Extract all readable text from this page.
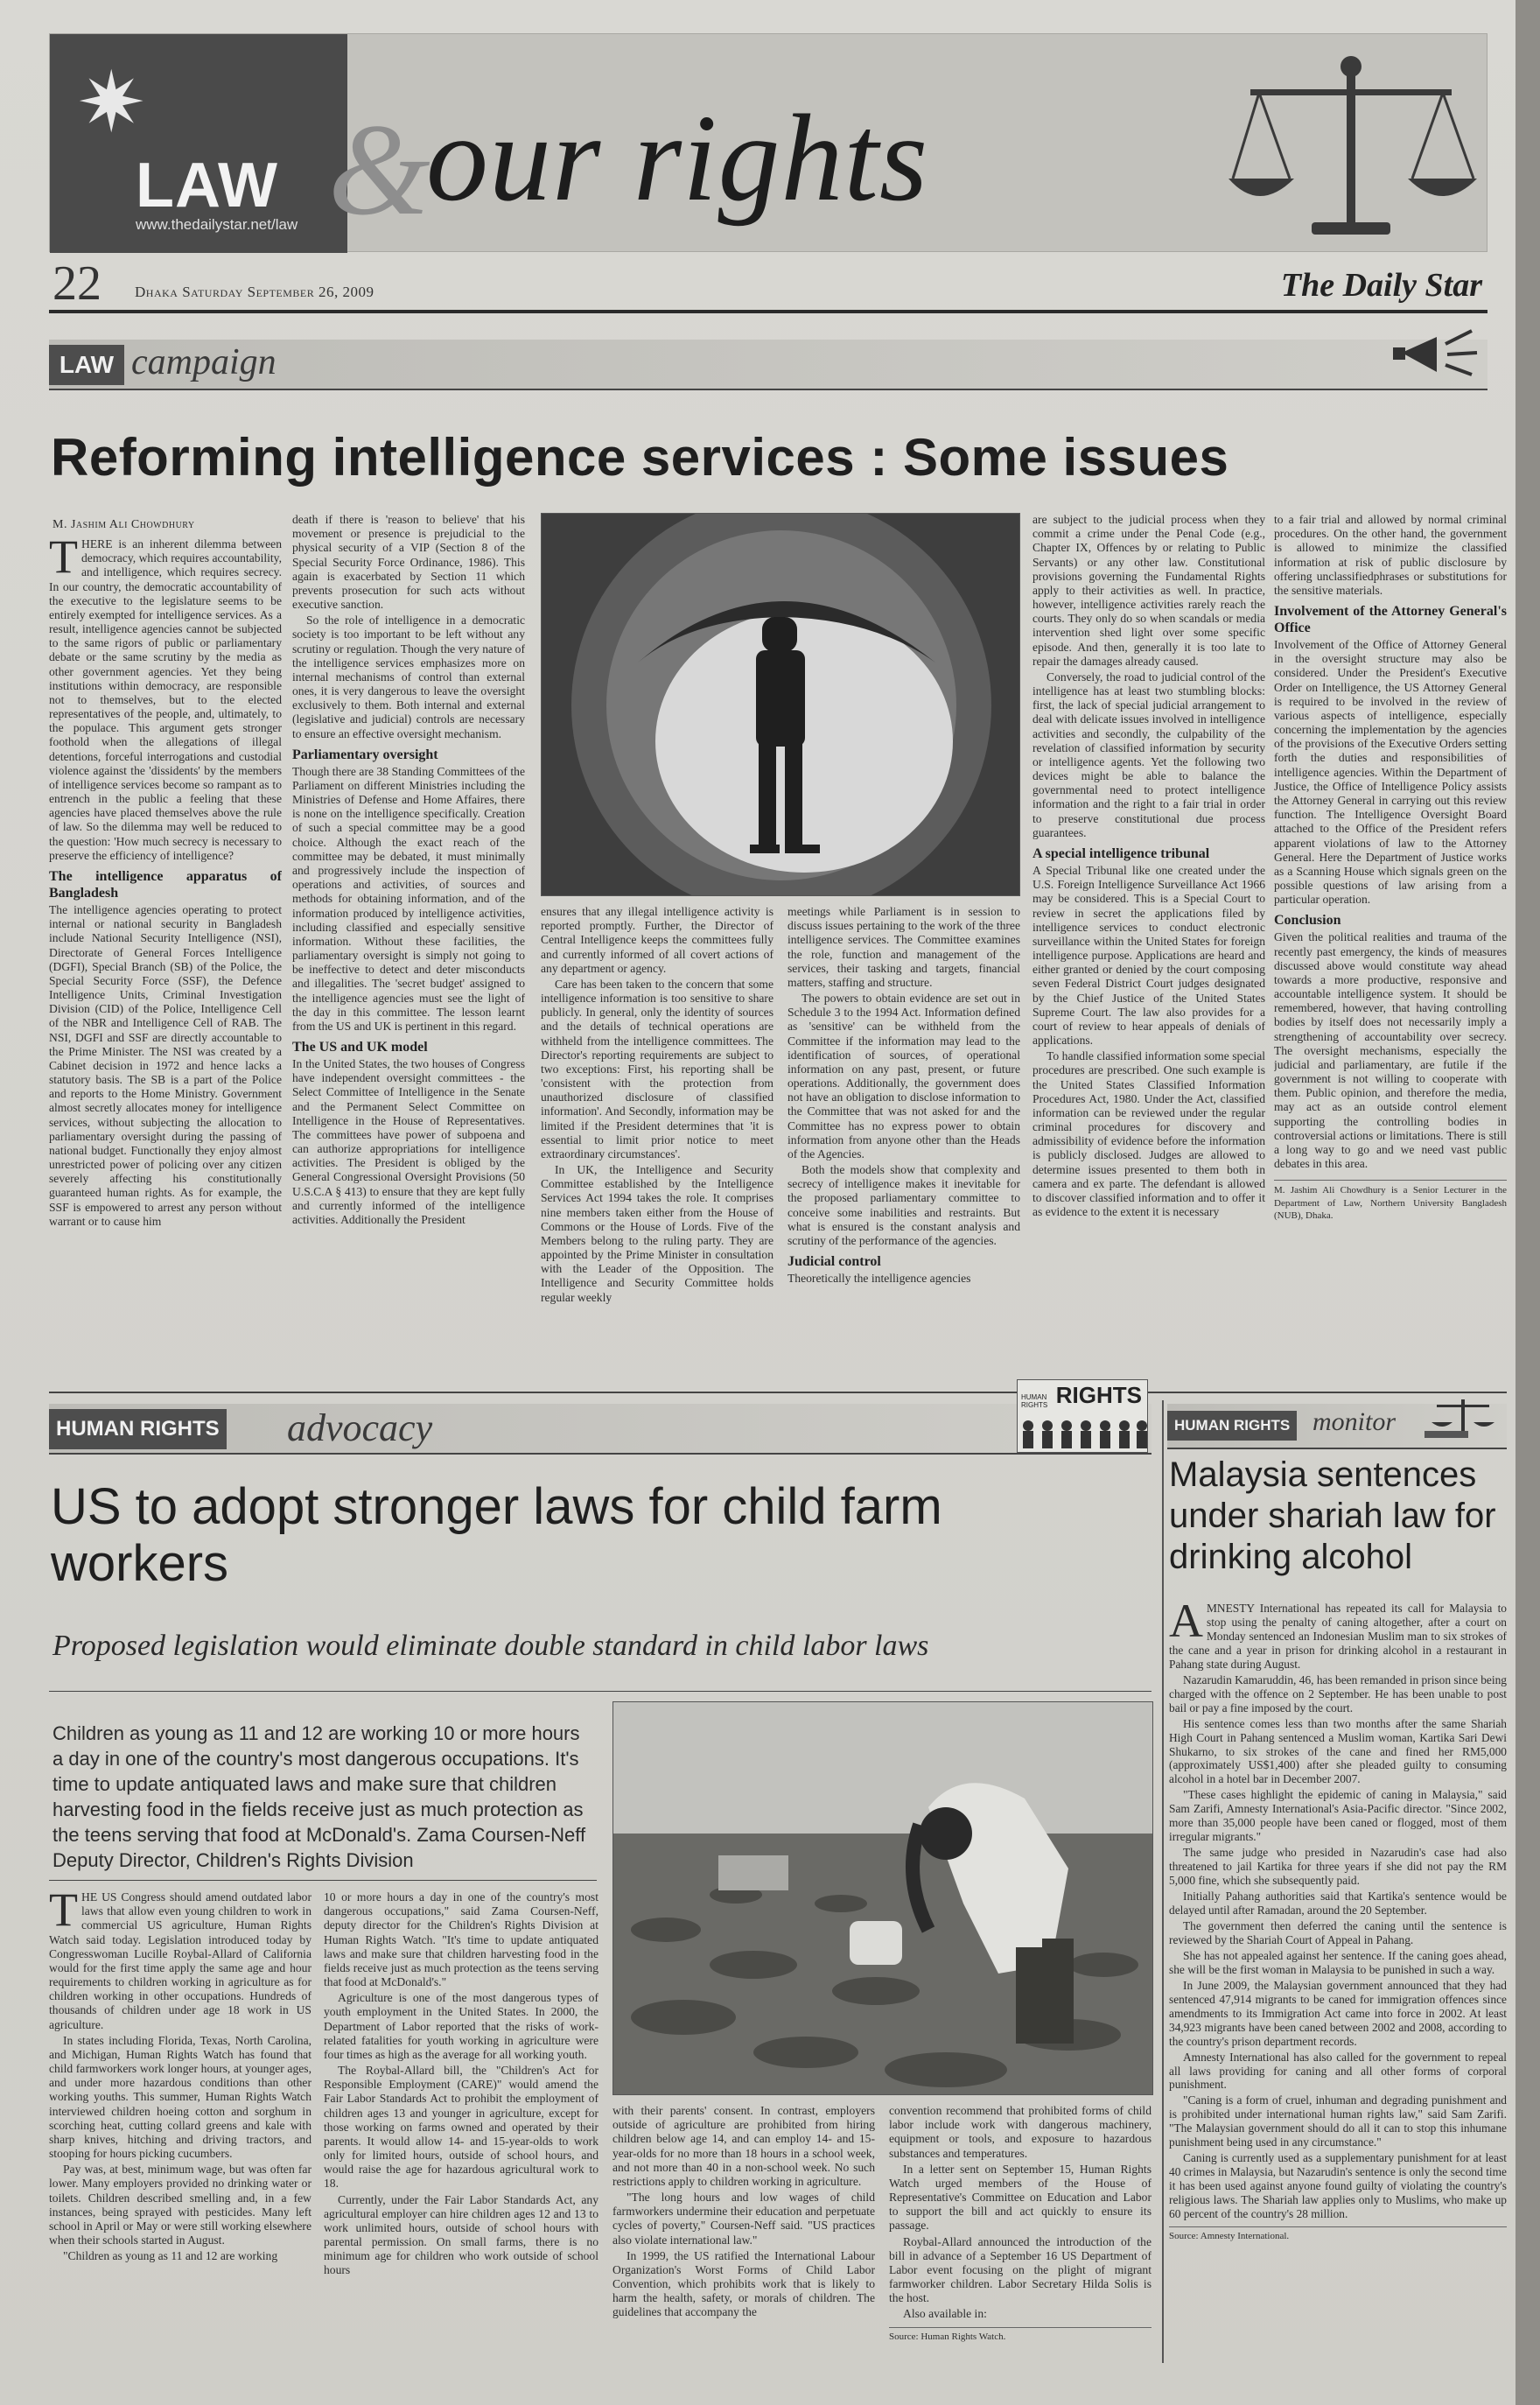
✷
LAW
www.thedailystar.net/law &
our rights
22 Dhaka Saturday September 26, 2009	The Daily Star
LAW campaign
Reforming intelligence services : Some issues
M. Jashim Ali Chowdhury

THERE is an inherent dilemma between democracy, which requires accountability, and intelligence, which requires secrecy. In our country, the democratic accountability of the executive to the legislature seems to be entirely exempted for intelligence services. As a result, intelligence agencies cannot be subjected to the same rigors of public or parliamentary debate or the same scrutiny by the media as other government agencies. Yet they being institutions within democracy, are responsible not to themselves, but to the elected representatives of the people, and, ultimately, to the populace. This argument gets stronger foothold when the allegations of illegal detentions, forceful interrogations and custodial violence against the 'dissidents' by the members of intelligence services become so rampant as to entrench in the public a feeling that these agencies have placed themselves above the rule of law. So the dilemma may well be reduced to the question: 'How much secrecy is necessary to preserve the efficiency of intelligence?

The intelligence apparatus of Bangladesh

The intelligence agencies operating to protect internal or national security in Bangladesh include National Security Intelligence (NSI), Directorate of General Forces Intelligence (DGFI), Special Branch (SB) of the Police, the Special Security Force (SSF), the Defence Intelligence Units, Criminal Investigation Division (CID) of the Police, Intelligence Cell of the NBR and Intelligence Cell of RAB. The NSI, DGFI and SSF are directly accountable to the Prime Minister. The NSI was created by a Cabinet decision in 1972 and hence lacks a statutory basis. The SB is a part of the Police and reports to the Home Ministry. Government almost secretly allocates money for intelligence services, without subjecting the allocation to parliamentary oversight during the passing of national budget. Functionally they enjoy almost unrestricted power of policing over any citizen severely affecting his constitutionally guaranteed human rights. As for example, the SSF is empowered to arrest any person without warrant or to cause him

death if there is 'reason to believe' that his movement or presence is prejudicial to the physical security of a VIP (Section 8 of the Special Security Force Ordinance, 1986). This again is exacerbated by Section 11 which prevents prosecution for such acts without executive sanction.

So the role of intelligence in a democratic society is too important to be left without any scrutiny or regulation. Though the very nature of the intelligence services emphasizes more on internal mechanisms of control than external ones, it is very dangerous to leave the oversight exclusively to them. Both internal and external (legislative and judicial) controls are necessary to ensure an effective oversight mechanism.

Parliamentary oversight

Though there are 38 Standing Committees of the Parliament on different Ministries including the Ministries of Defense and Home Affaires, there is none on the intelligence specifically. Creation of such a special committee may be a good choice. Although the exact reach of the committee may be debated, it must minimally and progressively include the inspection of operations and activities, of sources and methods for obtaining information, and of the information produced by intelligence activities, including classified and especially sensitive information. Without these facilities, the parliamentary oversight is simply not going to be ineffective to detect and deter misconducts and illegalities. The 'secret budget' assigned to the intelligence agencies must see the light of the day in this committee. The lesson learnt from the US and UK is pertinent in this regard.

The US and UK model

In the United States, the two houses of Congress have independent oversight committees - the Select Committee of Intelligence in the Senate and the Permanent Select Committee on Intelligence in the House of Representatives. The committees have power of subpoena and can authorize appropriations for intelligence activities. The President is obliged by the General Congressional Oversight Provisions (50 U.S.C.A § 413) to ensure that they are kept fully and currently informed of the intelligence activities. Additionally the President

ensures that any illegal intelligence activity is reported promptly. Further, the Director of Central Intelligence keeps the committees fully and currently informed of all covert actions of any department or agency.

Care has been taken to the concern that some intelligence information is too sensitive to share publicly. In general, only the identity of sources and the details of technical operations are withheld from the intelligence committees. The Director's reporting requirements are subject to two exceptions: First, his reporting shall be 'consistent with the protection from unauthorized disclosure of classified information'. And Secondly, information may be limited if the President determines that 'it is essential to limit prior notice to meet extraordinary circumstances'.

In UK, the Intelligence and Security Committee established by the Intelligence Services Act 1994 takes the role. It comprises nine members taken either from the House of Commons or the House of Lords. Five of the Members belong to the ruling party. They are appointed by the Prime Minister in consultation with the Leader of the Opposition. The Intelligence and Security Committee holds regular weekly

meetings while Parliament is in session to discuss issues pertaining to the work of the three intelligence services. The Committee examines the role, function and management of the services, their tasking and targets, financial matters, staffing and structure.

The powers to obtain evidence are set out in Schedule 3 to the 1994 Act. Information defined as 'sensitive' can be withheld from the Committee if the information may lead to the identification of sources, of operational information on any past, present, or future operations. Additionally, the government does not have an obligation to disclose information to the Committee that was not asked for and the Committee has no express power to obtain information from anyone other than the Heads of the Agencies.

Both the models show that complexity and secrecy of intelligence makes it inevitable for the proposed parliamentary committee to conceive some inabilities and restraints. But what is ensured is the constant analysis and scrutiny of the performance of the agencies.

Judicial control

Theoretically the intelligence agencies

are subject to the judicial process when they commit a crime under the Penal Code (e.g., Chapter IX, Offences by or relating to Public Servants) or any other law. Constitutional provisions governing the Fundamental Rights apply to their activities as well. In practice, however, intelligence activities rarely reach the courts. They only do so when scandals or media intervention shed light over some specific episode. And then, generally it is too late to repair the damages already caused.

Conversely, the road to judicial control of the intelligence has at least two stumbling blocks: first, the lack of special judicial arrangement to deal with delicate issues involved in intelligence activities and secondly, the culpability of the revelation of classified information by security or intelligence agents. Yet the following two devices might be able to balance the governmental need to protect intelligence information and the right to a fair trial in order to preserve constitutional due process guarantees.

A special intelligence tribunal

A Special Tribunal like one created under the U.S. Foreign Intelligence Surveillance Act 1966 may be considered. This is a Special Court to review in secret the applications filed by intelligence services to conduct electronic surveillance within the United States for foreign intelligence purpose. Applications are heard and either granted or denied by the court composing seven Federal District Court judges designated by the Chief Justice of the United States Supreme Court. The law also provides for a court of review to hear appeals of denials of applications.

To handle classified information some special procedures are prescribed. One such example is the United States Classified Information Procedures Act, 1980. Under the Act, classified information can be reviewed under the regular criminal procedures for discovery and admissibility of evidence before the information is publicly disclosed. Judges are allowed to determine issues presented to them both in camera and ex parte. The defendant is allowed to discover classified information and to offer it as evidence to the extent it is necessary

to a fair trial and allowed by normal criminal procedures. On the other hand, the government is allowed to minimize the classified information at risk of public disclosure by offering unclassifiedphrases or substitutions for the sensitive materials.

Involvement of the Attorney General's Office

Involvement of the Office of Attorney General in the oversight structure may also be considered. Under the President's Executive Order on Intelligence, the US Attorney General is required to be involved in the review of various aspects of intelligence, especially concerning the implementation by the agencies of the provisions of the Executive Orders setting forth the duties and responsibilities of intelligence agencies. Within the Department of Justice, the Office of Intelligence Policy assists the Attorney General in carrying out this review function. The Intelligence Oversight Board attached to the Office of the President refers apparent violations of law to the Attorney General. Here the Department of Justice works as a Scanning House which signals green on the possible questions of law arising from a particular operation.

Conclusion

Given the political realities and trauma of the recently past emergency, the kinds of measures discussed above would constitute way ahead towards a more productive, responsive and accountable intelligence system. It should be remembered, however, that having controlling bodies by itself does not necessarily imply a strengthening of accountability over secrecy. The oversight mechanisms, especially the judicial and parliamentary, are futile if the government is not willing to cooperate with them. Public opinion, and therefore the media, may act as an outside control element supporting the controlling bodies in controversial actions or limitations. There is still a long way to go and we need vast public debates in this area.

M. Jashim Ali Chowdhury is a Senior Lecturer in the Department of Law, Northern University Bangladesh (NUB), Dhaka.

HUMAN RIGHTS advocacy
RIGHTS
HUMAN RIGHTS
US to adopt stronger laws for child farm workers
Proposed legislation would eliminate double standard in child labor laws
Children as young as 11 and 12 are working 10 or more hours a day in one of the country's most dangerous occupations. It's time to update antiquated laws and make sure that children harvesting food in the fields receive just as much protection as the teens serving that food at McDonald's. Zama Coursen-Neff Deputy Director, Children's Rights Division

THE US Congress should amend outdated labor laws that allow even young children to work in commercial US agriculture, Human Rights Watch said today. Legislation introduced today by Congresswoman Lucille Roybal-Allard of California would for the first time apply the same age and hour requirements to children working in agriculture as for children working in other occupations. Hundreds of thousands of children under age 18 work in US agriculture.

In states including Florida, Texas, North Carolina, and Michigan, Human Rights Watch has found that child farmworkers work longer hours, at younger ages, and under more hazardous conditions than other working youths. This summer, Human Rights Watch interviewed children hoeing cotton and sorghum in scorching heat, cutting collard greens and kale with sharp knives, hitching and driving tractors, and stooping for hours picking cucumbers.

Pay was, at best, minimum wage, but was often far lower. Many employers provided no drinking water or toilets. Children described smelling and, in a few instances, being sprayed with pesticides. Many left school in April or May or were still working elsewhere when their schools started in August.

"Children as young as 11 and 12 are working

10 or more hours a day in one of the country's most dangerous occupations," said Zama Coursen-Neff, deputy director for the Children's Rights Division at Human Rights Watch. "It's time to update antiquated laws and make sure that children harvesting food in the fields receive just as much protection as the teens serving that food at McDonald's."

Agriculture is one of the most dangerous types of youth employment in the United States. In 2000, the Department of Labor reported that the risks of work-related fatalities for youth working in agriculture were four times as high as the average for all working youth.

The Roybal-Allard bill, the "Children's Act for Responsible Employment (CARE)" would amend the Fair Labor Standards Act to prohibit the employment of children ages 13 and younger in agriculture, except for those working on farms owned and operated by their parents. It would allow 14- and 15-year-olds to work only for limited hours, outside of school hours, and would raise the age for hazardous agricultural work to 18.

Currently, under the Fair Labor Standards Act, any agricultural employer can hire children ages 12 and 13 to work unlimited hours, outside of school hours with parental permission. On small farms, there is no minimum age for children who work outside of school hours

with their parents' consent. In contrast, employers outside of agriculture are prohibited from hiring children below age 14, and can employ 14- and 15-year-olds for no more than 18 hours in a school week, and not more than 40 in a non-school week. No such restrictions apply to children working in agriculture.

"The long hours and low wages of child farmworkers undermine their education and perpetuate cycles of poverty," Coursen-Neff said. "US practices also violate international law."

In 1999, the US ratified the International Labour Organization's Worst Forms of Child Labor Convention, which prohibits work that is likely to harm the health, safety, or morals of children. The guidelines that accompany the

convention recommend that prohibited forms of child labor include work with dangerous machinery, equipment or tools, and exposure to hazardous substances and temperatures.

In a letter sent on September 15, Human Rights Watch urged members of the House of Representative's Committee on Education and Labor to support the bill and act quickly to ensure its passage.

Roybal-Allard announced the introduction of the bill in advance of a September 16 US Department of Labor event focusing on the plight of migrant farmworker children. Labor Secretary Hilda Solis is the host.

Also available in:

Source: Human Rights Watch.

HUMAN RIGHTS monitor
Malaysia sentences under shariah law for drinking alcohol

AMNESTY International has repeated its call for Malaysia to stop using the penalty of caning altogether, after a court on Monday sentenced an Indonesian Muslim man to six strokes of the cane and a year in prison for drinking alcohol in a restaurant in Pahang state during August.

Nazarudin Kamaruddin, 46, has been remanded in prison since being charged with the offence on 2 September. He has been unable to post bail or pay a fine imposed by the court.

His sentence comes less than two months after the same Shariah High Court in Pahang sentenced a Muslim woman, Kartika Sari Dewi Shukarno, to six strokes of the cane and fined her RM5,000 (approximately US$1,400) after she pleaded guilty to consuming alcohol in a hotel bar in December 2007.

"These cases highlight the epidemic of caning in Malaysia," said Sam Zarifi, Amnesty International's Asia-Pacific director. "Since 2002, more than 35,000 people have been caned or flogged, most of them irregular migrants."

The same judge who presided in Nazarudin's case had also threatened to jail Kartika for three years if she did not pay the RM 5,000 fine, which she subsequently paid.

Initially Pahang authorities said that Kartika's sentence would be delayed until after Ramadan, around the 20 September.

The government then deferred the caning until the sentence is reviewed by the Shariah Court of Appeal in Pahang.

She has not appealed against her sentence. If the caning goes ahead, she will be the first woman in Malaysia to be punished in such a way.

In June 2009, the Malaysian government announced that they had sentenced 47,914 migrants to be caned for immigration offences since amendments to its Immigration Act came into force in 2002. At least 34,923 migrants have been caned between 2002 and 2008, according to the country's prison department records.

Amnesty International has also called for the government to repeal all laws providing for caning and all other forms of corporal punishment.

"Caning is a form of cruel, inhuman and degrading punishment and is prohibited under international human rights law," said Sam Zarifi. "The Malaysian government should do all it can to stop this inhumane punishment being used in any circumstance."

Caning is currently used as a supplementary punishment for at least 40 crimes in Malaysia, but Nazarudin's sentence is only the second time it has been used against anyone found guilty of violating the country's religious laws. The Shariah law applies only to Muslims, who make up 60 percent of the country's 28 million.

Source: Amnesty International.
